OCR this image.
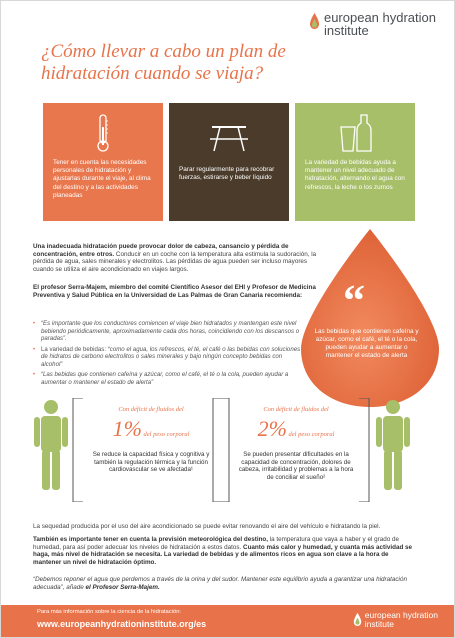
european hydration
institute
¿Cómo llevar a cabo un plan de hidratación cuando se viaja?
Tener en cuenta las necesidades personales de hidratación y ajustarlas durante el viaje, al clima del destino y a las actividades planeadas
Parar regularmente para recobrar fuerzas, estirarse y beber líquido
La variedad de bebidas ayuda a mantener un nivel adecuado de hidratación, alternando el agua con refrescos, la leche o los zumos
Una inadecuada hidratación puede provocar dolor de cabeza, cansancio y pérdida de concentración, entre otros. Conducir en un coche con la temperatura alta estimula la sudoración, la pérdida de agua, sales minerales y electrolitos. Las pérdidas de agua pueden ser incluso mayores cuando se utiliza el aire acondicionado en viajes largos.
El profesor Serra-Majem, miembro del comité Científico Asesor del EHI y Profesor de Medicina Preventiva y Salud Pública en la Universidad de Las Palmas de Gran Canaria recomienda: “
Las bebidas que contienen cafeína y azúcar, como el café, el té o la cola, pueden ayudar a aumentar o mantener el estado de alerta
• “Es importante que los conductores comiencen el viaje bien hidratados y mantengan este nivel bebiendo periódicamente, aproximadamente cada dos horas, coincidiendo con los descansos o paradas”.
• La variedad de bebidas: “como el agua, los refrescos, el té, el café o las bebidas con soluciones de hidratos de carbono electrolitos o sales minerales y bajo ningún concepto bebidas con alcohol”
• “Las bebidas que contienen cafeína y azúcar, como el café, el té o la cola, pueden ayudar a aumentar o mantener el estado de alerta”
Con déficit de fluidos del
1% del peso corporal
Se reduce la capacidad física y cognitiva y también la regulación térmica y la función cardiovascular se ve afectada¹
Con déficit de fluidos del
2% del peso corporal
Se pueden presentar dificultades en la capacidad de concentración, dolores de cabeza, irritabilidad y problemas a la hora de conciliar el sueño²
La sequedad producida por el uso del aire acondicionado se puede evitar renovando el aire del vehículo e hidratando la piel.
También es importante tener en cuenta la previsión meteorológica del destino, la temperatura que vaya a haber y el grado de humedad, para así poder adecuar los niveles de hidratación a estos datos. Cuanto más calor y humedad, y cuanta más actividad se haga, más nivel de hidratación se necesita. La variedad de bebidas y de alimentos ricos en agua son clave a la hora de mantener un nivel de hidratación óptimo.
“Debemos reponer el agua que perdemos a través de la orina y del sudor. Mantener este equilibrio ayuda a garantizar una hidratación adecuada”, añade el Profesor Serra-Majem.
Para más información sobre la ciencia de la hidratación:
www.europeanhydrationinstitute.org/es
european hydration
institute
